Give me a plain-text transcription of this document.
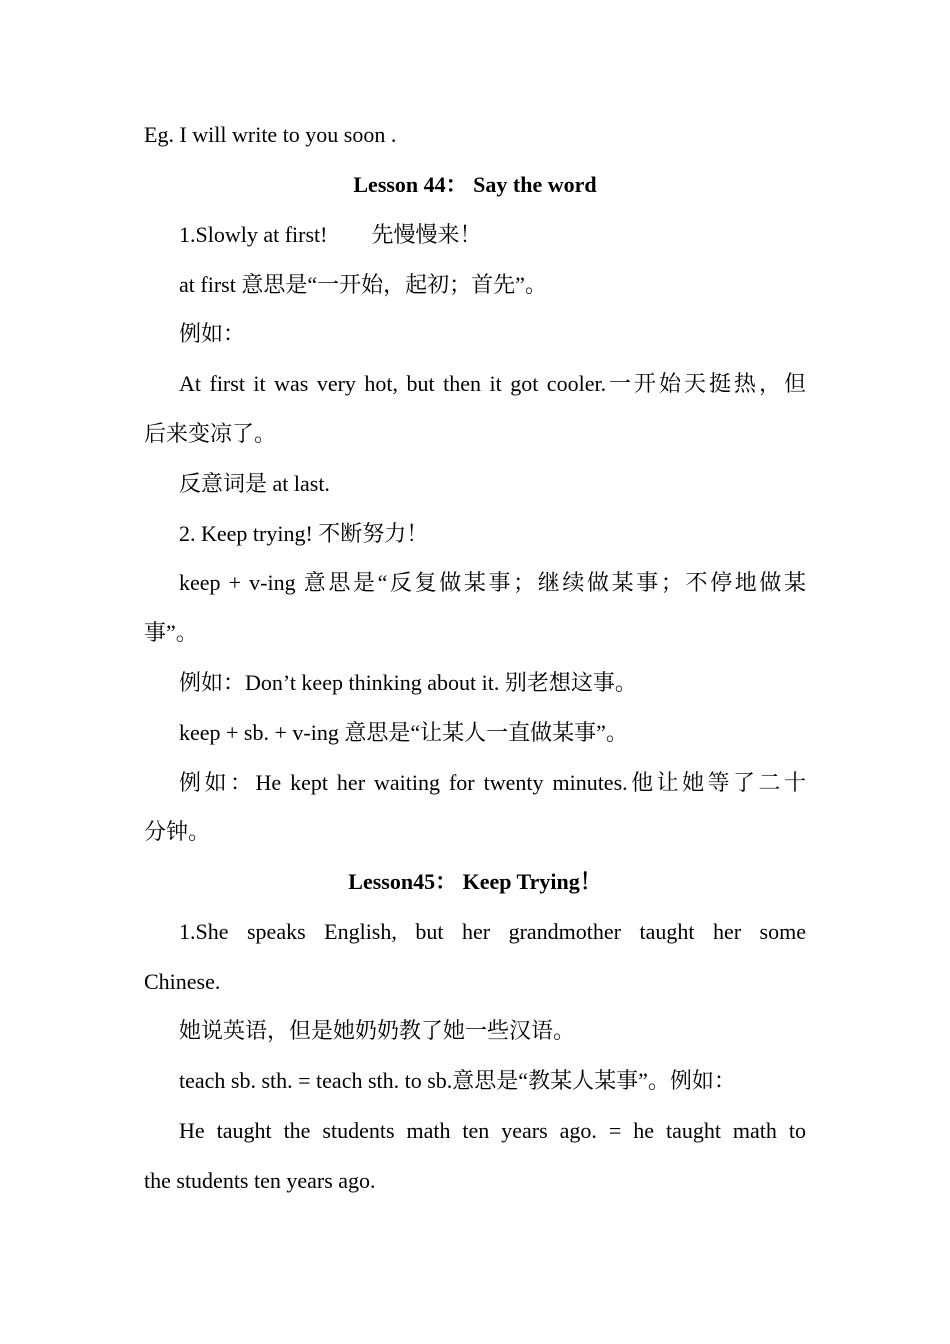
Eg. I will write to you soon .

Lesson 44： Say the word

1.Slowly at first!　　先慢慢来！

at first 意思是“一开始，起初；首先”。

例如：

At first it was very hot, but then it got cooler.一开始天挺热，但

后来变凉了。

反意词是 at last.

2. Keep trying! 不断努力！

keep + v-ing 意思是“反复做某事；继续做某事；不停地做某

事”。

例如：Don’t keep thinking about it. 别老想这事。

keep + sb. + v-ing 意思是“让某人一直做某事”。

例如：He kept her waiting for twenty minutes.他让她等了二十

分钟。

Lesson45： Keep Trying！

1.She speaks English, but her grandmother taught her some

Chinese.

她说英语，但是她奶奶教了她一些汉语。

teach sb. sth. = teach sth. to sb.意思是“教某人某事”。例如：

He taught the students math ten years ago. = he taught math to

the students ten years ago.
